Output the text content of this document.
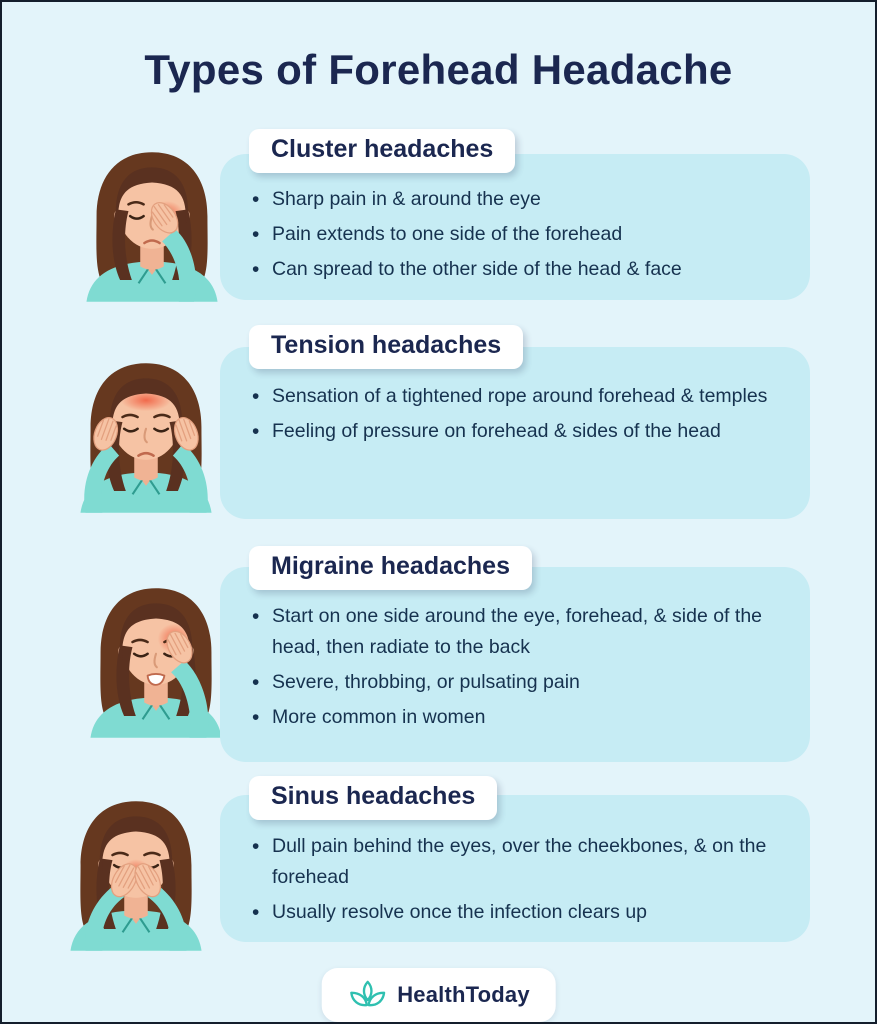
Types of Forehead Headache
Cluster headaches
• Sharp pain in & around the eye
• Pain extends to one side of the forehead
• Can spread to the other side of the head & face
Tension headaches
• Sensation of a tightened rope around forehead & temples
• Feeling of pressure on forehead & sides of the head
Migraine headaches
• Start on one side around the eye, forehead, & side of the head, then radiate to the back
• Severe, throbbing, or pulsating pain
• More common in women
Sinus headaches
• Dull pain behind the eyes, over the cheekbones, & on the forehead
• Usually resolve once the infection clears up
HealthToday
